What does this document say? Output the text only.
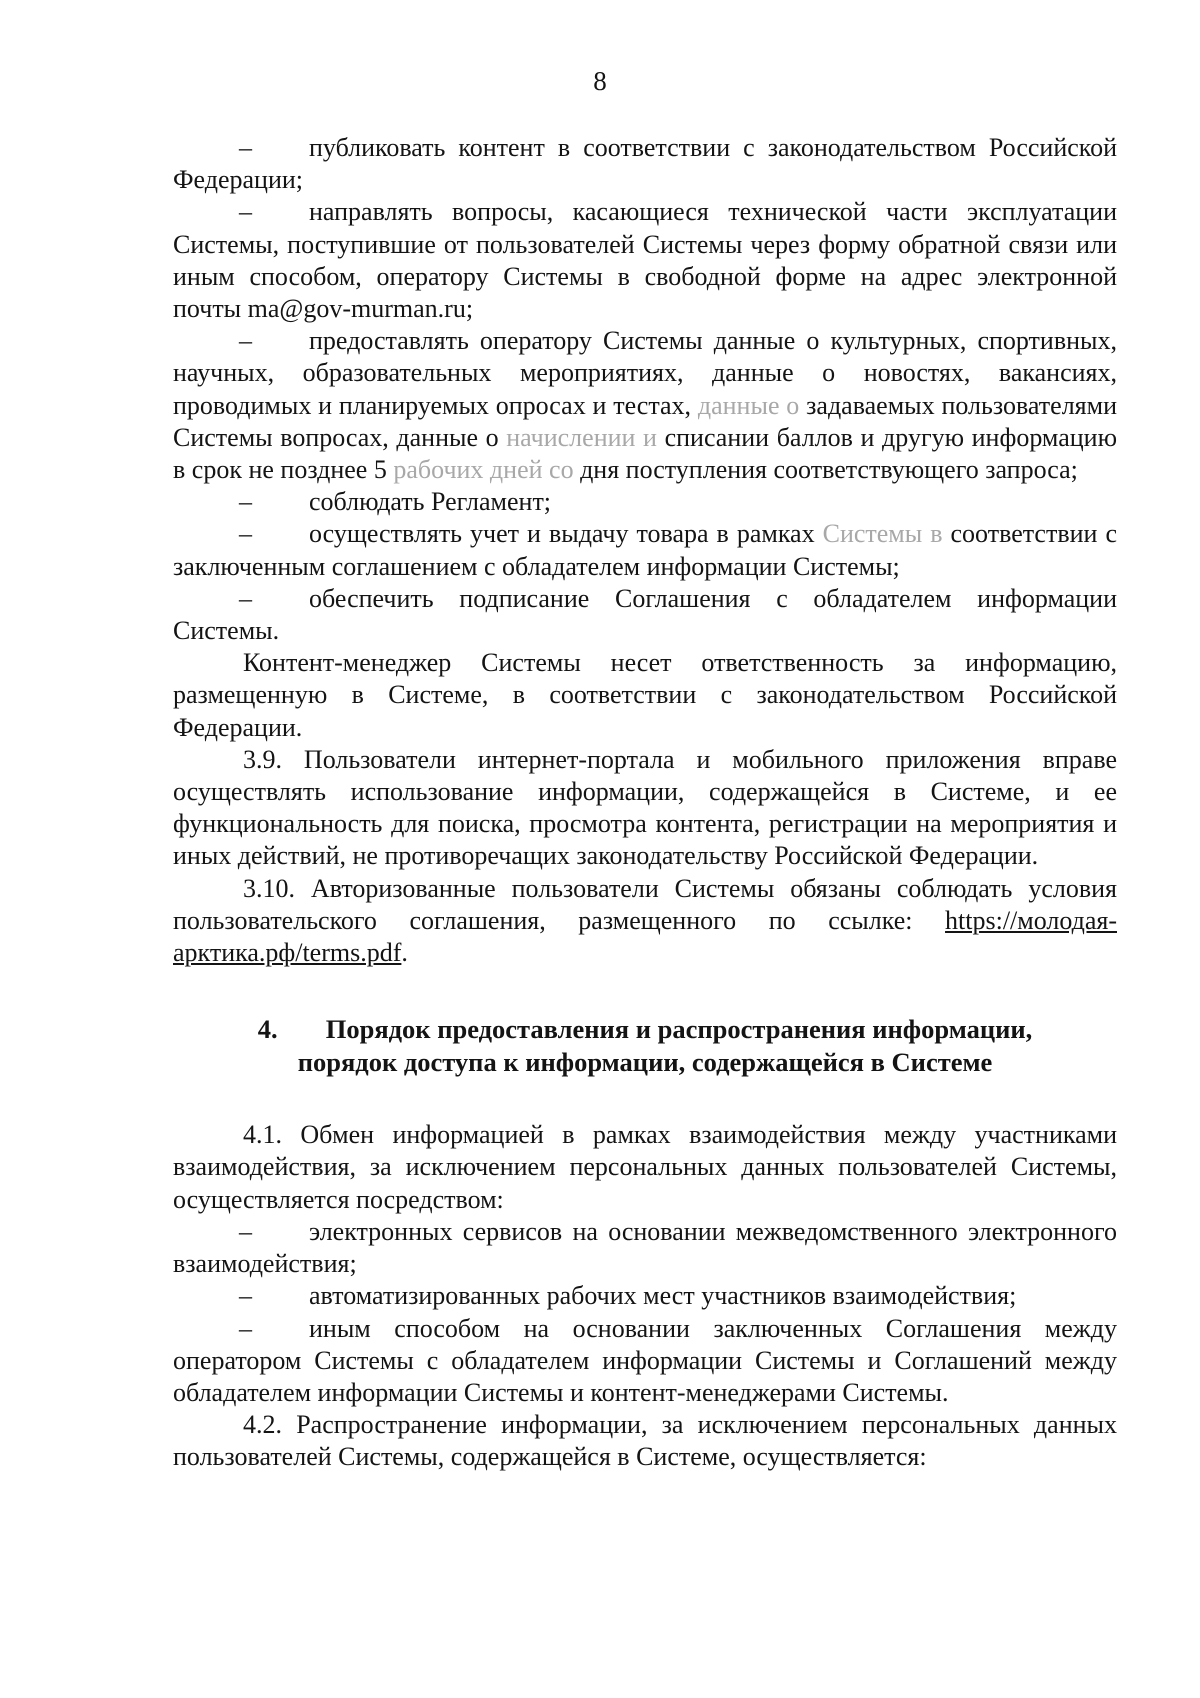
8

– публиковать контент в соответствии с законодательством Российской Федерации;

– направлять вопросы, касающиеся технической части эксплуатации Системы, поступившие от пользователей Системы через форму обратной связи или иным способом, оператору Системы в свободной форме на адрес электронной почты ma@gov-murman.ru;

– предоставлять оператору Системы данные о культурных, спортивных, научных, образовательных мероприятиях, данные о новостях, вакансиях, проводимых и планируемых опросах и тестах, данные о задаваемых пользователями Системы вопросах, данные о начислении и списании баллов и другую информацию в срок не позднее 5 рабочих дней со дня поступления соответствующего запроса;

– соблюдать Регламент;

– осуществлять учет и выдачу товара в рамках Системы в соответствии с заключенным соглашением с обладателем информации Системы;

– обеспечить подписание Соглашения с обладателем информации Системы.

Контент-менеджер Системы несет ответственность за информацию, размещенную в Системе, в соответствии с законодательством Российской Федерации.

3.9. Пользователи интернет-портала и мобильного приложения вправе осуществлять использование информации, содержащейся в Системе, и ее функциональность для поиска, просмотра контента, регистрации на мероприятия и иных действий, не противоречащих законодательству Российской Федерации.

3.10. Авторизованные пользователи Системы обязаны соблюдать условия пользовательского соглашения, размещенного по ссылке: https://молодая-арктика.рф/terms.pdf.

4. Порядок предоставления и распространения информации,
порядок доступа к информации, содержащейся в Системе

4.1. Обмен информацией в рамках взаимодействия между участниками взаимодействия, за исключением персональных данных пользователей Системы, осуществляется посредством:

– электронных сервисов на основании межведомственного электронного взаимодействия;

– автоматизированных рабочих мест участников взаимодействия;

– иным способом на основании заключенных Соглашения между оператором Системы с обладателем информации Системы и Соглашений между обладателем информации Системы и контент-менеджерами Системы.

4.2. Распространение информации, за исключением персональных данных пользователей Системы, содержащейся в Системе, осуществляется:
